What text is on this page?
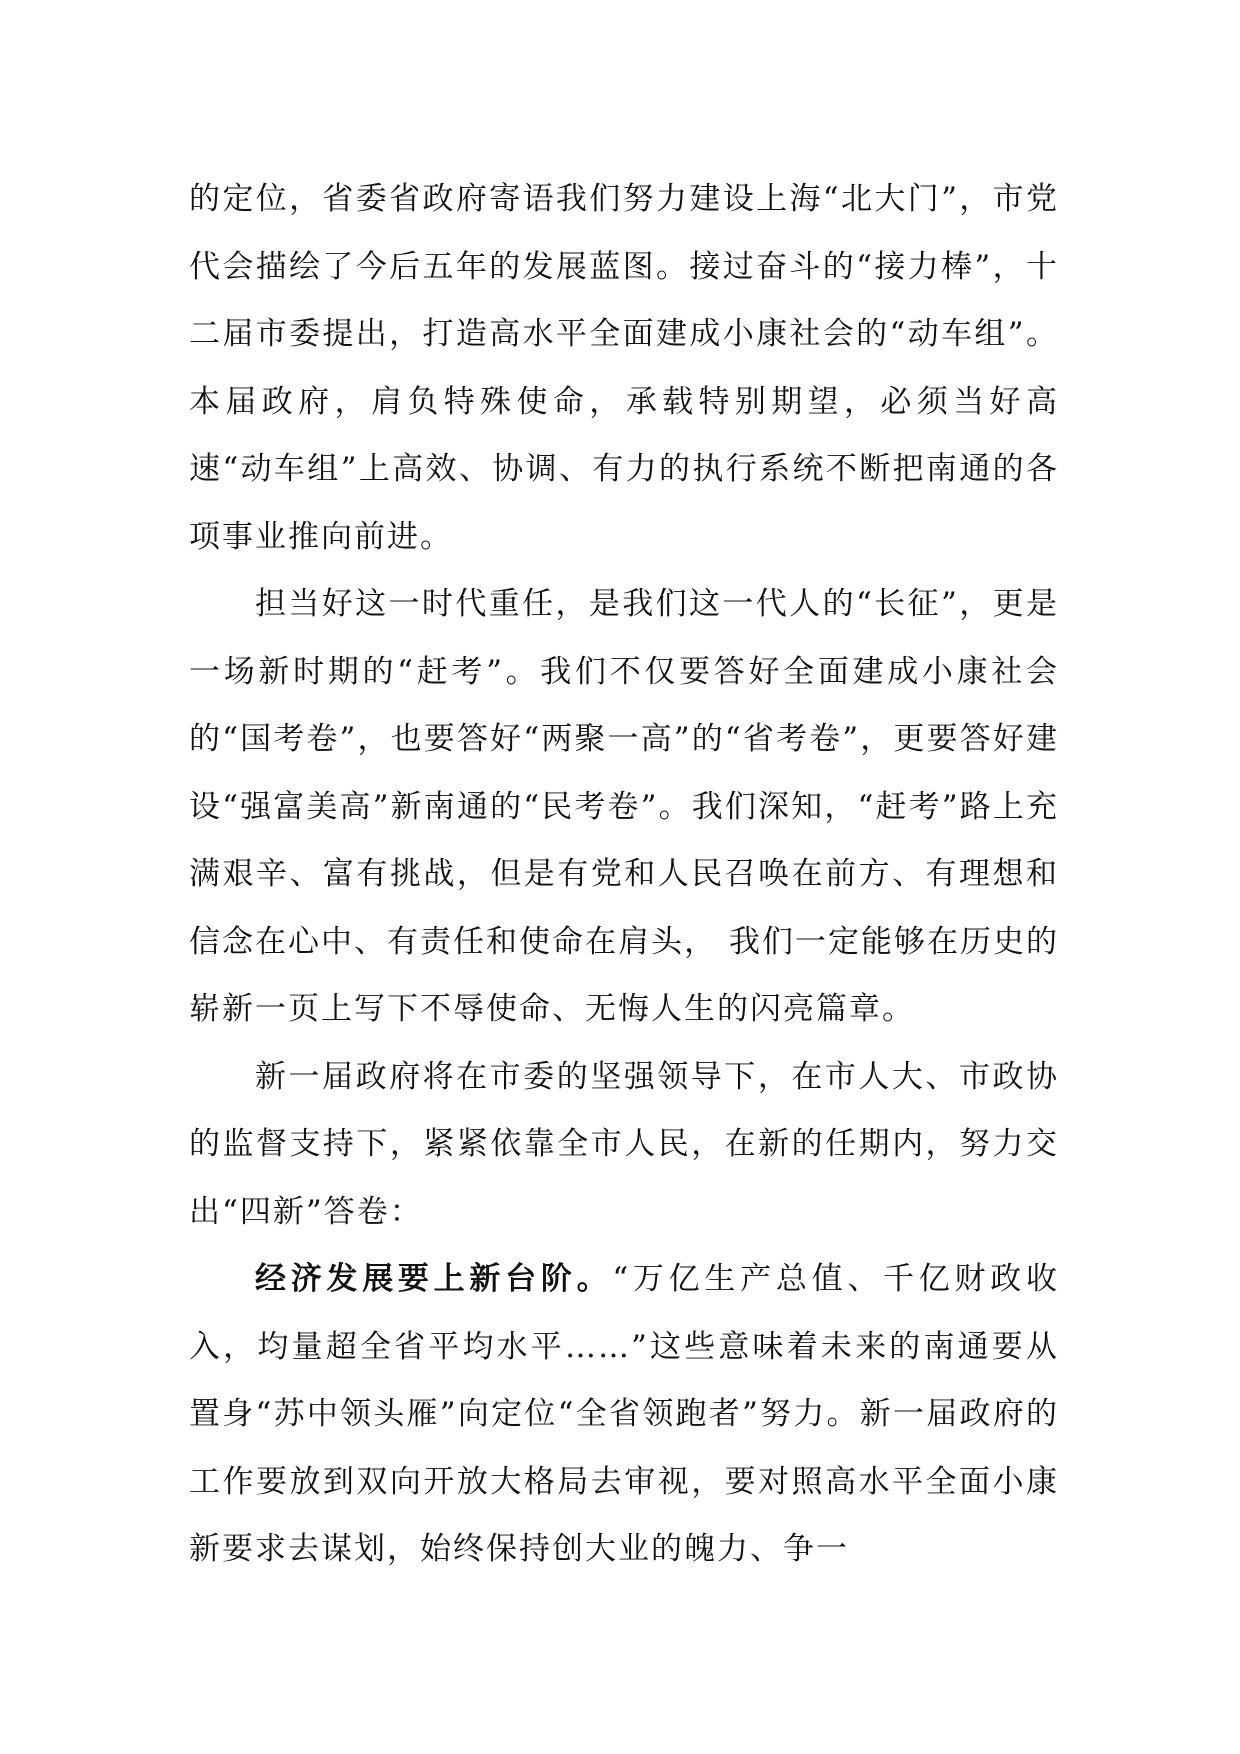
的定位，省委省政府寄语我们努力建设上海“北大门”，市党代会描绘了今后五年的发展蓝图。接过奋斗的“接力棒”，十二届市委提出，打造高水平全面建成小康社会的“动车组”。本届政府，肩负特殊使命，承载特别期望，必须当好高速“动车组”上高效、协调、有力的执行系统不断把南通的各项事业推向前进。

担当好这一时代重任，是我们这一代人的“长征”，更是一场新时期的“赶考”。我们不仅要答好全面建成小康社会的“国考卷”，也要答好“两聚一高”的“省考卷”，更要答好建设“强富美高”新南通的“民考卷”。我们深知，“赶考”路上充满艰辛、富有挑战，但是有党和人民召唤在前方、有理想和信念在心中、有责任和使命在肩头， 我们一定能够在历史的崭新一页上写下不辱使命、无悔人生的闪亮篇章。

新一届政府将在市委的坚强领导下，在市人大、市政协的监督支持下，紧紧依靠全市人民，在新的任期内，努力交出“四新”答卷：

经济发展要上新台阶。“万亿生产总值、千亿财政收入，均量超全省平均水平……”这些意味着未来的南通要从置身“苏中领头雁”向定位“全省领跑者”努力。新一届政府的工作要放到双向开放大格局去审视，要对照高水平全面小康新要求去谋划，始终保持创大业的魄力、争一
